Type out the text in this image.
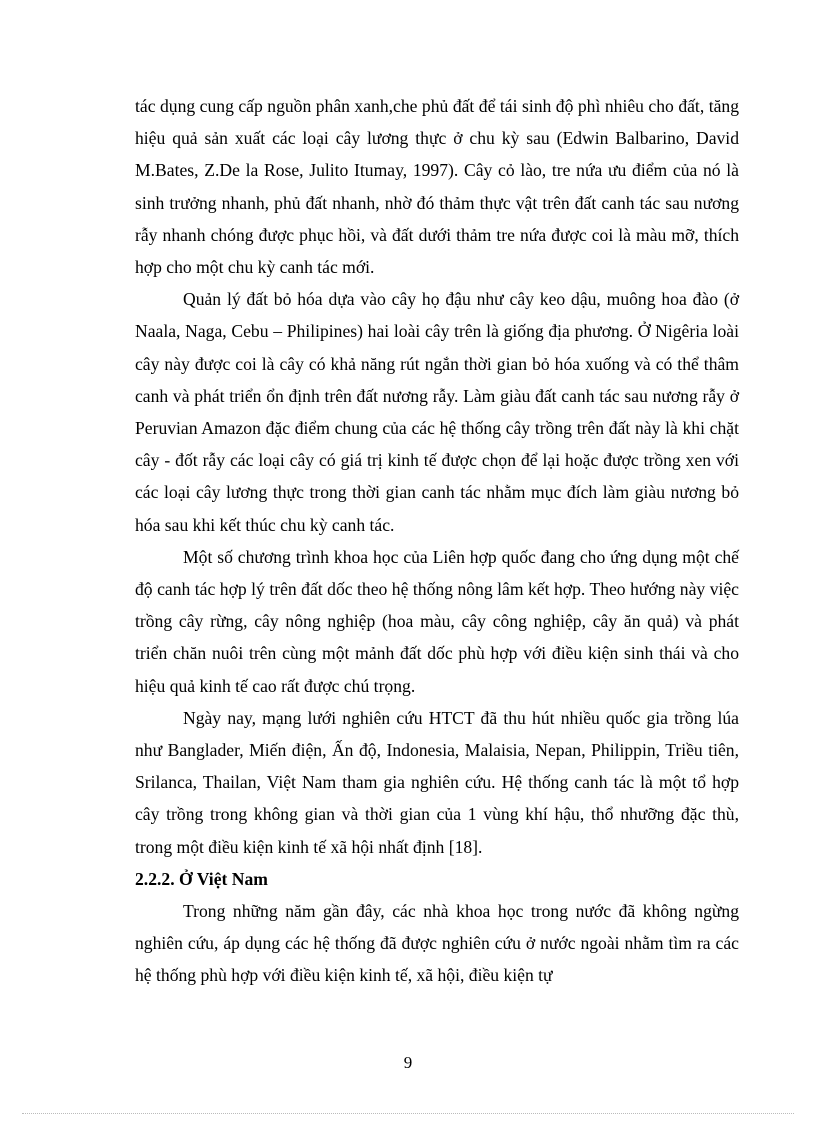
tác dụng cung cấp nguồn phân xanh,che phủ đất để tái sinh độ phì nhiêu cho đất, tăng hiệu quả sản xuất các loại cây lương thực ở chu kỳ sau (Edwin Balbarino, David M.Bates, Z.De la Rose, Julito Itumay, 1997). Cây cỏ lào, tre nứa ưu điểm của nó là sinh trưởng nhanh, phủ đất nhanh, nhờ đó thảm thực vật trên đất canh tác sau nương rẫy nhanh chóng được phục hồi, và đất dưới thảm tre nứa được coi là màu mỡ, thích hợp cho một chu kỳ canh tác mới.

Quản lý đất bỏ hóa dựa vào cây họ đậu như cây keo dậu, muông hoa đào (ở Naala, Naga, Cebu – Philipines) hai loài cây trên là giống địa phương. Ở Nigêria loài cây này được coi là cây có khả năng rút ngắn thời gian bỏ hóa xuống và có thể thâm canh và phát triển ổn định trên đất nương rẫy. Làm giàu đất canh tác sau nương rẫy ở Peruvian Amazon đặc điểm chung của các hệ thống cây trồng trên đất này là khi chặt cây - đốt rẫy các loại cây có giá trị kinh tế được chọn để lại hoặc được trồng xen với các loại cây lương thực trong thời gian canh tác nhằm mục đích làm giàu nương bỏ hóa sau khi kết thúc chu kỳ canh tác.

Một số chương trình khoa học của Liên hợp quốc đang cho ứng dụng một chế độ canh tác hợp lý trên đất dốc theo hệ thống nông lâm kết hợp. Theo hướng này việc trồng cây rừng, cây nông nghiệp (hoa màu, cây công nghiệp, cây ăn quả) và phát triển chăn nuôi trên cùng một mảnh đất dốc phù hợp với điều kiện sinh thái và cho hiệu quả kinh tế cao rất được chú trọng.

Ngày nay, mạng lưới nghiên cứu HTCT đã thu hút nhiều quốc gia trồng lúa như Banglader, Miến điện, Ấn độ, Indonesia, Malaisia, Nepan, Philippin, Triều tiên, Srilanca, Thailan, Việt Nam tham gia nghiên cứu. Hệ thống canh tác là một tổ hợp cây trồng trong không gian và thời gian của 1 vùng khí hậu, thổ nhưỡng đặc thù, trong một điều kiện kinh tế xã hội nhất định [18].

2.2.2. Ở Việt Nam

Trong những năm gần đây, các nhà khoa học trong nước đã không ngừng nghiên cứu, áp dụng các hệ thống đã được nghiên cứu ở nước ngoài nhằm tìm ra các hệ thống phù hợp với điều kiện kinh tế, xã hội, điều kiện tự

9
